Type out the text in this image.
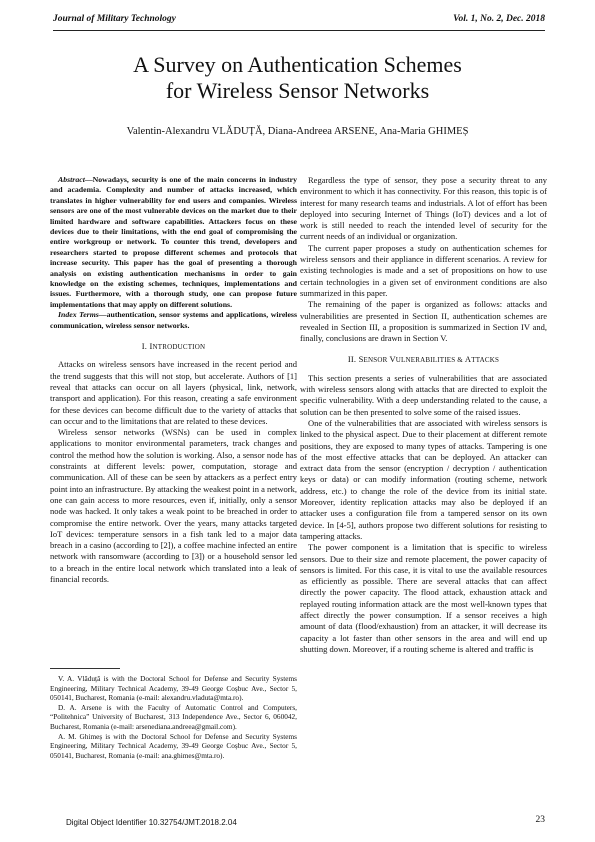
Journal of Military Technology	Vol. 1, No. 2, Dec. 2018
A Survey on Authentication Schemes
for Wireless Sensor Networks
Valentin-Alexandru VLĂDUȚĂ, Diana-Andreea ARSENE, Ana-Maria GHIMEȘ

Abstract—Nowadays, security is one of the main concerns in industry and academia. Complexity and number of attacks increased, which translates in higher vulnerability for end users and companies. Wireless sensors are one of the most vulnerable devices on the market due to their limited hardware and software capabilities. Attackers focus on these devices due to their limitations, with the end goal of compromising the entire workgroup or network. To counter this trend, developers and researchers started to propose different schemes and protocols that increase security. This paper has the goal of presenting a thorough analysis on existing authentication mechanisms in order to gain knowledge on the existing schemes, techniques, implementations and issues. Furthermore, with a thorough study, one can propose future implementations that may apply on different solutions.

Index Terms—authentication, sensor systems and applications, wireless communication, wireless sensor networks.

I. INTRODUCTION

Attacks on wireless sensors have increased in the recent period and the trend suggests that this will not stop, but accelerate. Authors of [1] reveal that attacks can occur on all layers (physical, link, network, transport and application). For this reason, creating a safe environment for these devices can become difficult due to the variety of attacks that can occur and to the limitations that are related to these devices.

Wireless sensor networks (WSNs) can be used in complex applications to monitor environmental parameters, track changes and control the method how the solution is working. Also, a sensor node has constraints at different levels: power, computation, storage and communication. All of these can be seen by attackers as a perfect entry point into an infrastructure. By attacking the weakest point in a network, one can gain access to more resources, even if, initially, only a sensor node was hacked. It only takes a weak point to be breached in order to compromise the entire network. Over the years, many attacks targeted IoT devices: temperature sensors in a fish tank led to a major data breach in a casino (according to [2]), a coffee machine infected an entire network with ransomware (according to [3]) or a household sensor led to a breach in the entire local network which translated into a leak of financial records.

V. A. Vlăduță is with the Doctoral School for Defense and Security Systems Engineering, Military Technical Academy, 39-49 George Coșbuc Ave., Sector 5, 050141, Bucharest, Romania (e-mail: alexandru.vladuta@mta.ro).

D. A. Arsene is with the Faculty of Automatic Control and Computers, “Politehnica” University of Bucharest, 313 Independence Ave., Sector 6, 060042, Bucharest, Romania (e-mail: arsenediana.andreea@gmail.com).

A. M. Ghimeș is with the Doctoral School for Defense and Security Systems Engineering, Military Technical Academy, 39-49 George Coșbuc Ave., Sector 5, 050141, Bucharest, Romania (e-mail: ana.ghimes@mta.ro).

Regardless the type of sensor, they pose a security threat to any environment to which it has connectivity. For this reason, this topic is of interest for many research teams and industrials. A lot of effort has been deployed into securing Internet of Things (IoT) devices and a lot of work is still needed to reach the intended level of security for the current needs of an individual or organization.

The current paper proposes a study on authentication schemes for wireless sensors and their appliance in different scenarios. A review for existing technologies is made and a set of propositions on how to use certain technologies in a given set of environment conditions are also summarized in this paper.

The remaining of the paper is organized as follows: attacks and vulnerabilities are presented in Section II, authentication schemes are revealed in Section III, a proposition is summarized in Section IV and, finally, conclusions are drawn in Section V.

II. SENSOR VULNERABILITIES & ATTACKS

This section presents a series of vulnerabilities that are associated with wireless sensors along with attacks that are directed to exploit the specific vulnerability. With a deep understanding related to the cause, a solution can be then presented to solve some of the raised issues.

One of the vulnerabilities that are associated with wireless sensors is linked to the physical aspect. Due to their placement at different remote positions, they are exposed to many types of attacks. Tampering is one of the most effective attacks that can be deployed. An attacker can extract data from the sensor (encryption / decryption / authentication keys or data) or can modify information (routing scheme, network address, etc.) to change the role of the device from its initial state. Moreover, identity replication attacks may also be deployed if an attacker uses a configuration file from a tampered sensor on its own device. In [4-5], authors propose two different solutions for resisting to tampering attacks.

The power component is a limitation that is specific to wireless sensors. Due to their size and remote placement, the power capacity of sensors is limited. For this case, it is vital to use the available resources as efficiently as possible. There are several attacks that can affect directly the power capacity. The flood attack, exhaustion attack and replayed routing information attack are the most well-known types that affect directly the power consumption. If a sensor receives a high amount of data (flood/exhaustion) from an attacker, it will decrease its capacity a lot faster than other sensors in the area and will end up shutting down. Moreover, if a routing scheme is altered and traffic is

Digital Object Identifier 10.32754/JMT.2018.2.04	23
